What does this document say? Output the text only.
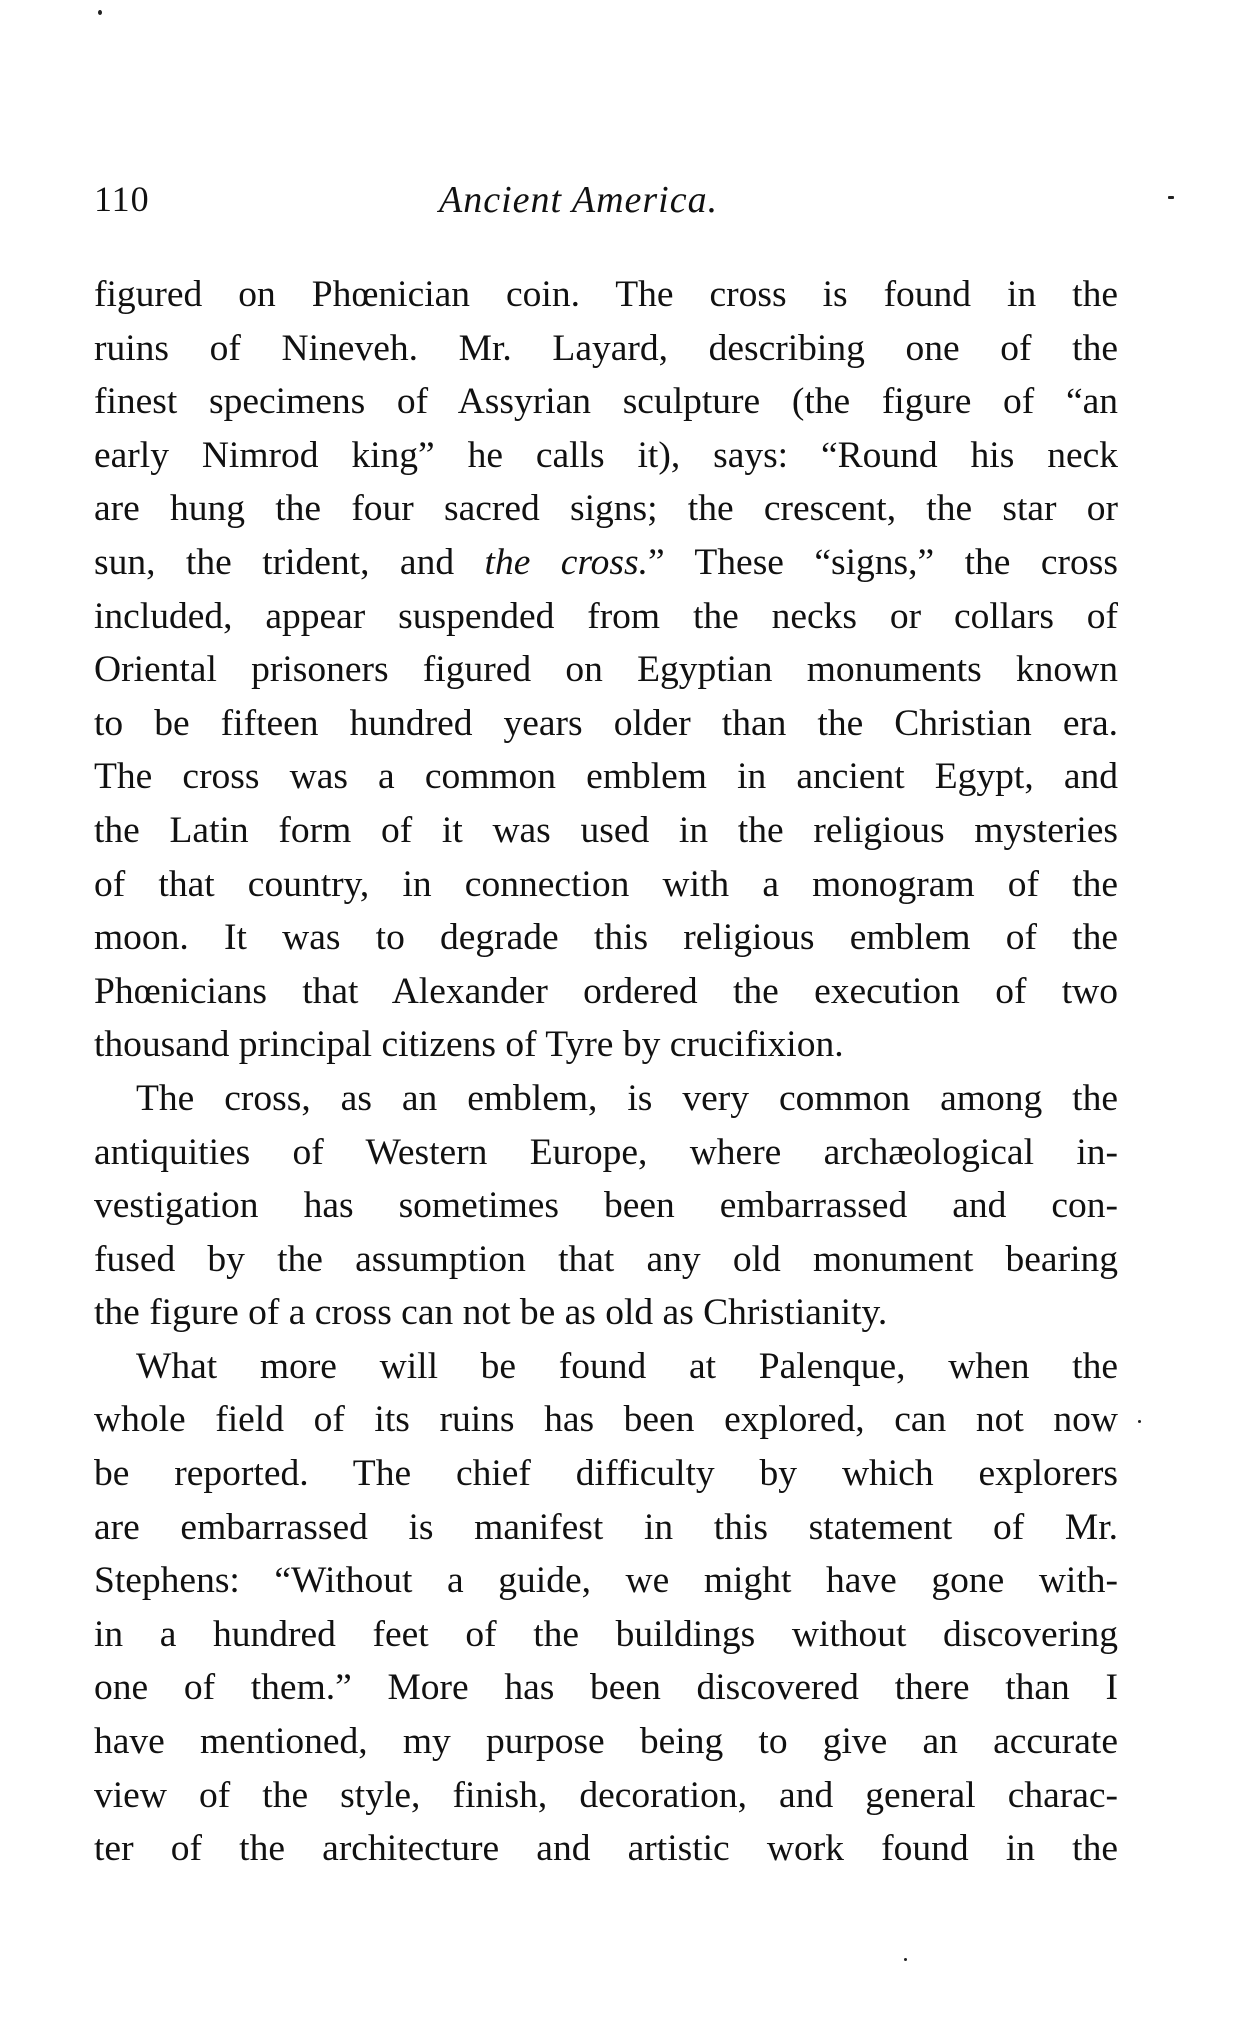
110	Ancient America.

figured on Phœnician coin. The cross is found in the
ruins of Nineveh. Mr. Layard, describing one of the
finest specimens of Assyrian sculpture (the figure of “an
early Nimrod king” he calls it), says: “Round his neck
are hung the four sacred signs; the crescent, the star or
sun, the trident, and the cross.” These “signs,” the cross
included, appear suspended from the necks or collars of
Oriental prisoners figured on Egyptian monuments known
to be fifteen hundred years older than the Christian era.
The cross was a common emblem in ancient Egypt, and
the Latin form of it was used in the religious mysteries
of that country, in connection with a monogram of the
moon. It was to degrade this religious emblem of the
Phœnicians that Alexander ordered the execution of two
thousand principal citizens of Tyre by crucifixion.

The cross, as an emblem, is very common among the
antiquities of Western Europe, where archæological in-
vestigation has sometimes been embarrassed and con-
fused by the assumption that any old monument bearing
the figure of a cross can not be as old as Christianity.

What more will be found at Palenque, when the
whole field of its ruins has been explored, can not now
be reported. The chief difficulty by which explorers
are embarrassed is manifest in this statement of Mr.
Stephens: “Without a guide, we might have gone with-
in a hundred feet of the buildings without discovering
one of them.” More has been discovered there than I
have mentioned, my purpose being to give an accurate
view of the style, finish, decoration, and general charac-
ter of the architecture and artistic work found in the
